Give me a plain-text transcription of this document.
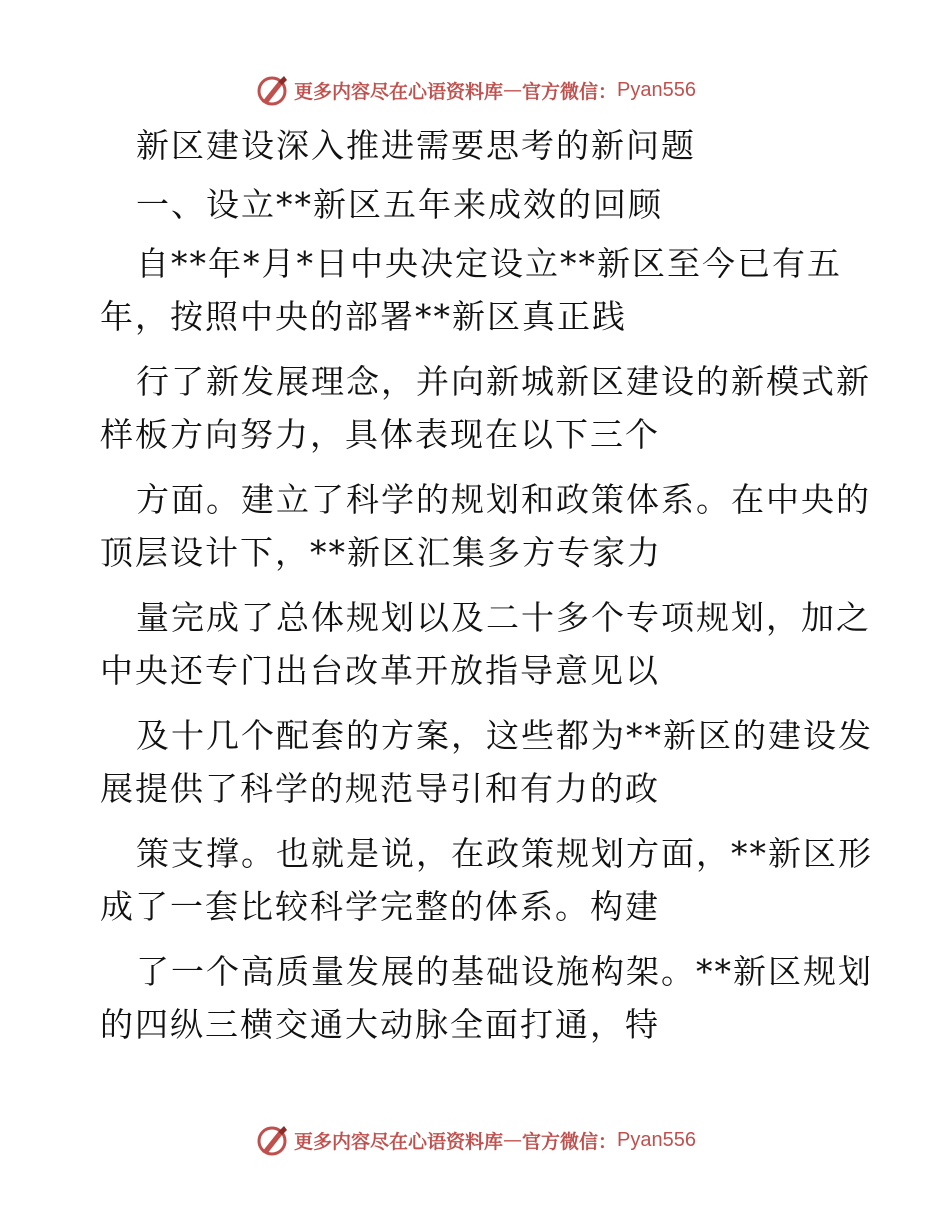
更多内容尽在心语资料库 — 官方微信： Pyan556
新区建设深入推进需要思考的新问题
一、设立**新区五年来成效的回顾
自**年*月*日中央决定设立**新区至今已有五
年，按照中央的部署**新区真正践
行了新发展理念，并向新城新区建设的新模式新
样板方向努力，具体表现在以下三个
方面。建立了科学的规划和政策体系。在中央的
顶层设计下，**新区汇集多方专家力
量完成了总体规划以及二十多个专项规划，加之
中央还专门出台改革开放指导意见以
及十几个配套的方案，这些都为**新区的建设发
展提供了科学的规范导引和有力的政
策支撑。也就是说，在政策规划方面，**新区形
成了一套比较科学完整的体系。构建
了一个高质量发展的基础设施构架。**新区规划
的四纵三横交通大动脉全面打通，特
更多内容尽在心语资料库 — 官方微信： Pyan556
